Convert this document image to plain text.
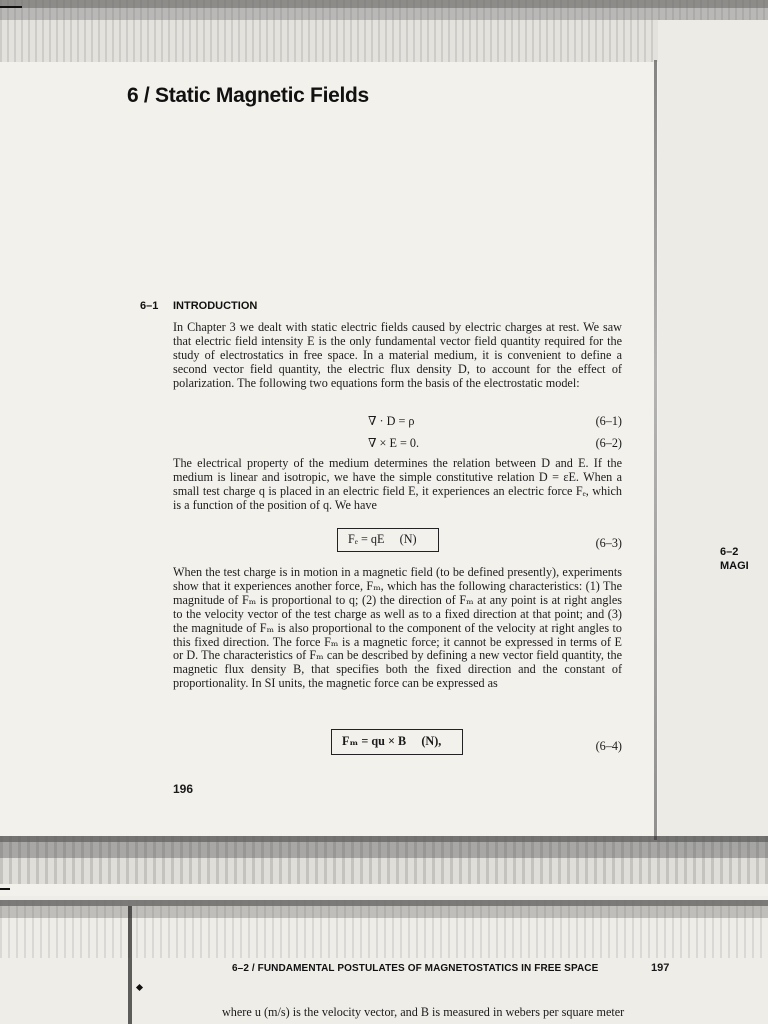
6 / Static Magnetic Fields
6–1 INTRODUCTION
In Chapter 3 we dealt with static electric fields caused by electric charges at rest. We saw that electric field intensity E is the only fundamental vector field quantity required for the study of electrostatics in free space. In a material medium, it is convenient to define a second vector field quantity, the electric flux density D, to account for the effect of polarization. The following two equations form the basis of the electrostatic model:
∇ · D = ρ	(6–1)
∇ × E = 0.	(6–2)
The electrical property of the medium determines the relation between D and E. If the medium is linear and isotropic, we have the simple constitutive relation D = εE. When a small test charge q is placed in an electric field E, it experiences an electric force Fₑ, which is a function of the position of q. We have
Fₑ = qE (N)	(6–3)
When the test charge is in motion in a magnetic field (to be defined presently), experiments show that it experiences another force, Fₘ, which has the following characteristics: (1) The magnitude of Fₘ is proportional to q; (2) the direction of Fₘ at any point is at right angles to the velocity vector of the test charge as well as to a fixed direction at that point; and (3) the magnitude of Fₘ is also proportional to the component of the velocity at right angles to this fixed direction. The force Fₘ is a magnetic force; it cannot be expressed in terms of E or D. The characteristics of Fₘ can be described by defining a new vector field quantity, the magnetic flux density B, that specifies both the fixed direction and the constant of proportionality. In SI units, the magnetic force can be expressed as
Fₘ = qu × B (N),	(6–4)
196
6–2
MAGI
6–2 / FUNDAMENTAL POSTULATES OF MAGNETOSTATICS IN FREE SPACE	197
where u (m/s) is the velocity vector, and B is measured in webers per square meter
